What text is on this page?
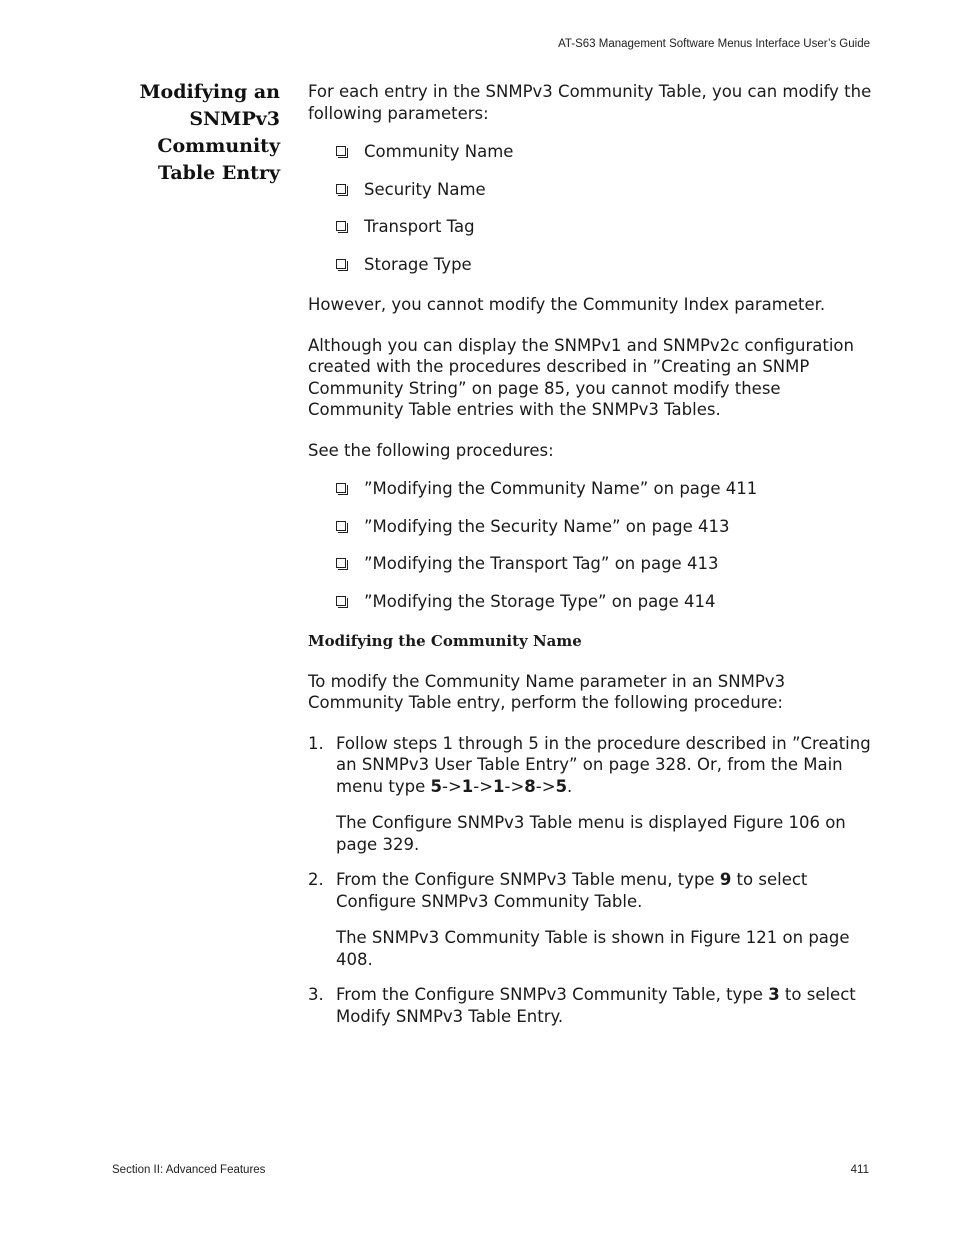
AT-S63 Management Software Menus Interface User’s Guide
Modifying an
SNMPv3
Community
Table Entry

For each entry in the SNMPv3 Community Table, you can modify the following parameters:

Community Name
Security Name
Transport Tag
Storage Type

However, you cannot modify the Community Index parameter.

Although you can display the SNMPv1 and SNMPv2c configuration created with the procedures described in ”Creating an SNMP Community String” on page 85, you cannot modify these Community Table entries with the SNMPv3 Tables.

See the following procedures:

”Modifying the Community Name” on page 411
”Modifying the Security Name” on page 413
”Modifying the Transport Tag” on page 413
”Modifying the Storage Type” on page 414
Modifying the Community Name

To modify the Community Name parameter in an SNMPv3 Community Table entry, perform the following procedure:

1. Follow steps 1 through 5 in the procedure described in ”Creating an SNMPv3 User Table Entry” on page 328. Or, from the Main menu type 5->1->1->8->5.

The Configure SNMPv3 Table menu is displayed Figure 106 on page 329.

2. From the Configure SNMPv3 Table menu, type 9 to select Configure SNMPv3 Community Table.

The SNMPv3 Community Table is shown in Figure 121 on page 408.

3. From the Configure SNMPv3 Community Table, type 3 to select Modify SNMPv3 Table Entry.

Section II: Advanced Features	411
